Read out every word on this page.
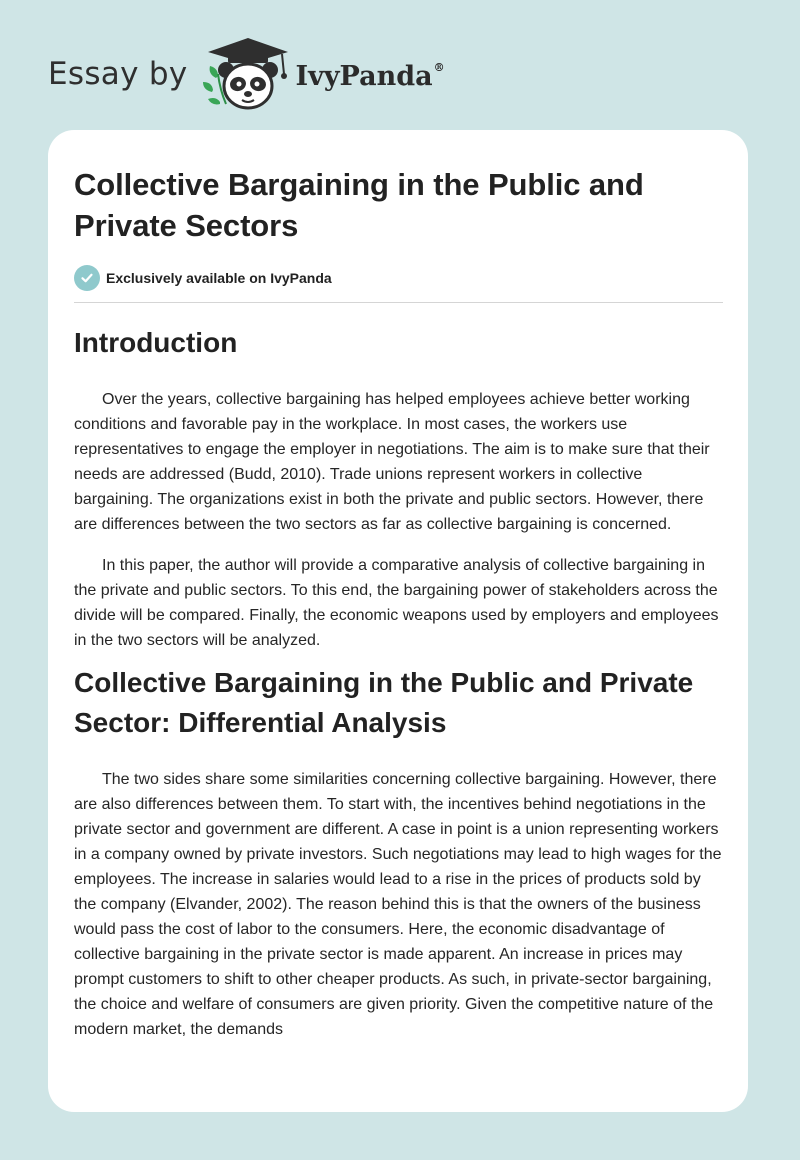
Essay by	IvyPanda®
Collective Bargaining in the Public and Private Sectors
Exclusively available on IvyPanda
Introduction

Over the years, collective bargaining has helped employees achieve better working conditions and favorable pay in the workplace. In most cases, the workers use representatives to engage the employer in negotiations. The aim is to make sure that their needs are addressed (Budd, 2010). Trade unions represent workers in collective bargaining. The organizations exist in both the private and public sectors. However, there are differences between the two sectors as far as collective bargaining is concerned.

In this paper, the author will provide a comparative analysis of collective bargaining in the private and public sectors. To this end, the bargaining power of stakeholders across the divide will be compared. Finally, the economic weapons used by employers and employees in the two sectors will be analyzed.

Collective Bargaining in the Public and Private Sector: Differential Analysis

The two sides share some similarities concerning collective bargaining. However, there are also differences between them. To start with, the incentives behind negotiations in the private sector and government are different. A case in point is a union representing workers in a company owned by private investors. Such negotiations may lead to high wages for the employees. The increase in salaries would lead to a rise in the prices of products sold by the company (Elvander, 2002). The reason behind this is that the owners of the business would pass the cost of labor to the consumers. Here, the economic disadvantage of collective bargaining in the private sector is made apparent. An increase in prices may prompt customers to shift to other cheaper products. As such, in private-sector bargaining, the choice and welfare of consumers are given priority. Given the competitive nature of the modern market, the demands
